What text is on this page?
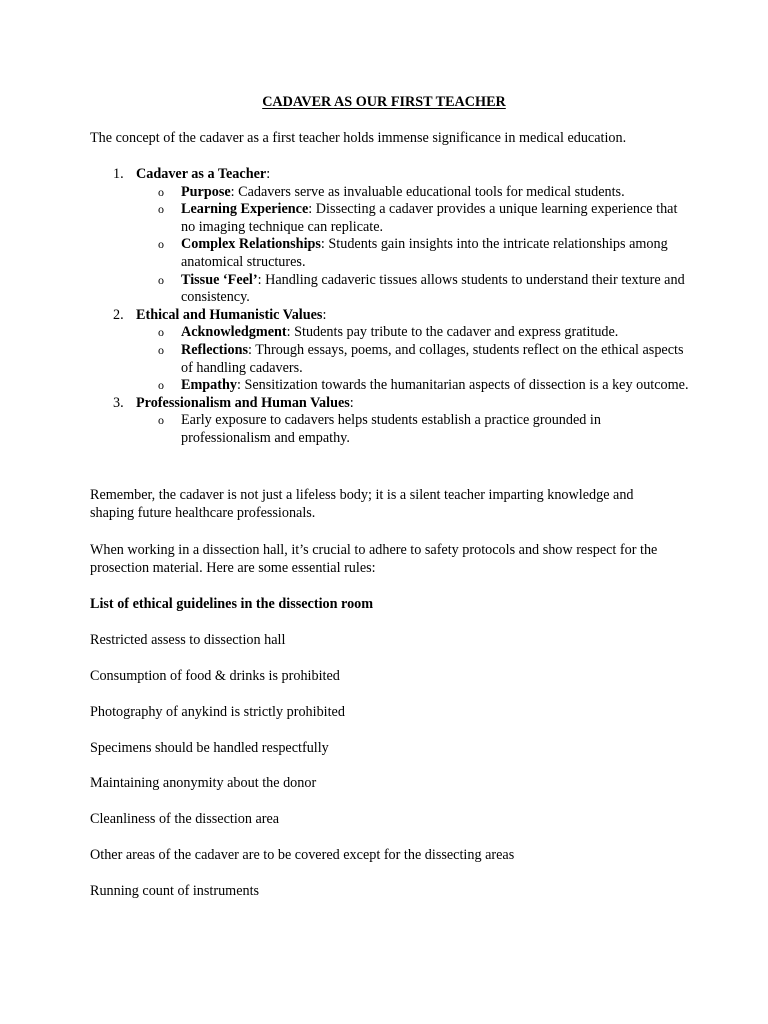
CADAVER AS OUR FIRST TEACHER
The concept of the cadaver as a first teacher holds immense significance in medical education.
1. Cadaver as a Teacher:
o Purpose: Cadavers serve as invaluable educational tools for medical students.
o Learning Experience: Dissecting a cadaver provides a unique learning experience that no imaging technique can replicate.
o Complex Relationships: Students gain insights into the intricate relationships among anatomical structures.
o Tissue ‘Feel’: Handling cadaveric tissues allows students to understand their texture and consistency.
2. Ethical and Humanistic Values:
o Acknowledgment: Students pay tribute to the cadaver and express gratitude.
o Reflections: Through essays, poems, and collages, students reflect on the ethical aspects of handling cadavers.
o Empathy: Sensitization towards the humanitarian aspects of dissection is a key outcome.
3. Professionalism and Human Values:
o Early exposure to cadavers helps students establish a practice grounded in professionalism and empathy.
Remember, the cadaver is not just a lifeless body; it is a silent teacher imparting knowledge and shaping future healthcare professionals.
When working in a dissection hall, it’s crucial to adhere to safety protocols and show respect for the prosection material. Here are some essential rules:
List of ethical guidelines in the dissection room
Restricted assess to dissection hall
Consumption of food & drinks is prohibited
Photography of anykind is strictly prohibited
Specimens should be handled respectfully
Maintaining anonymity about the donor
Cleanliness of the dissection area
Other areas of the cadaver are to be covered except for the dissecting areas
Running count of instruments
